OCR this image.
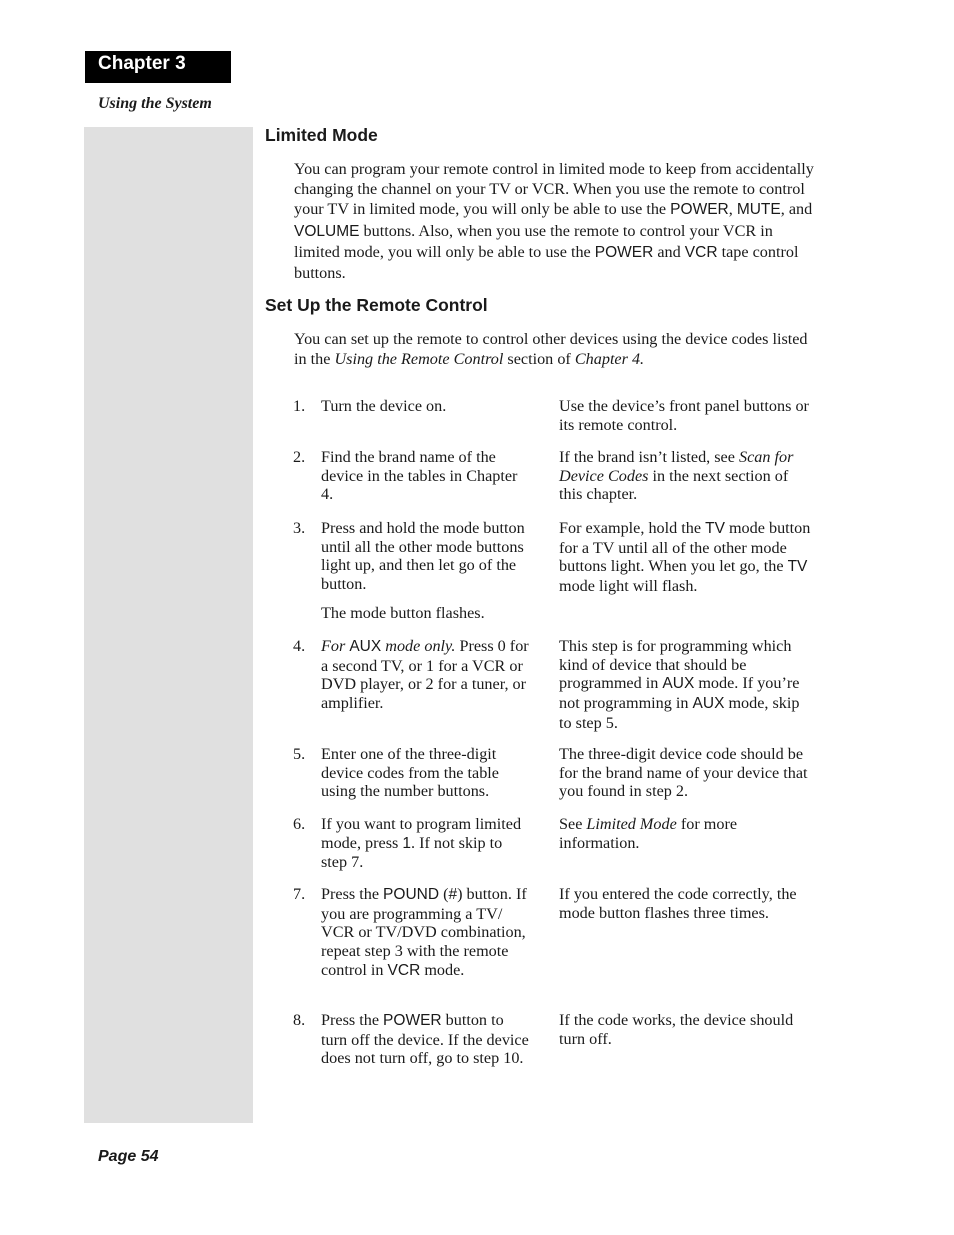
Chapter 3
Using the System
Limited Mode
You can program your remote control in limited mode to keep from accidentally changing the channel on your TV or VCR. When you use the remote to control your TV in limited mode, you will only be able to use the POWER, MUTE, and VOLUME buttons. Also, when you use the remote to control your VCR in limited mode, you will only be able to use the POWER and VCR tape control buttons.
Set Up the Remote Control
You can set up the remote to control other devices using the device codes listed in the Using the Remote Control section of Chapter 4.
1. Turn the device on.	Use the device’s front panel buttons or its remote control.
2. Find the brand name of the device in the tables in Chapter 4.
If the brand isn’t listed, see Scan for Device Codes in the next section of this chapter.
3. Press and hold the mode button until all the other mode buttons light up, and then let go of the button.
The mode button flashes.
For example, hold the TV mode button for a TV until all of the other mode buttons light. When you let go, the TV mode light will flash.
4. For AUX mode only. Press 0 for a second TV, or 1 for a VCR or DVD player, or 2 for a tuner, or amplifier.
This step is for programming which kind of device that should be programmed in AUX mode. If you’re not programming in AUX mode, skip to step 5.
5. Enter one of the three-digit device codes from the table using the number buttons.
The three-digit device code should be for the brand name of your device that you found in step 2.
6. If you want to program limited mode, press 1. If not skip to step 7.
See Limited Mode for more information.
7. Press the POUND (#) button. If you are programming a TV/ VCR or TV/DVD combination, repeat step 3 with the remote control in VCR mode.
If you entered the code correctly, the mode button flashes three times.
8. Press the POWER button to turn off the device. If the device does not turn off, go to step 10.
If the code works, the device should turn off.
Page 54
